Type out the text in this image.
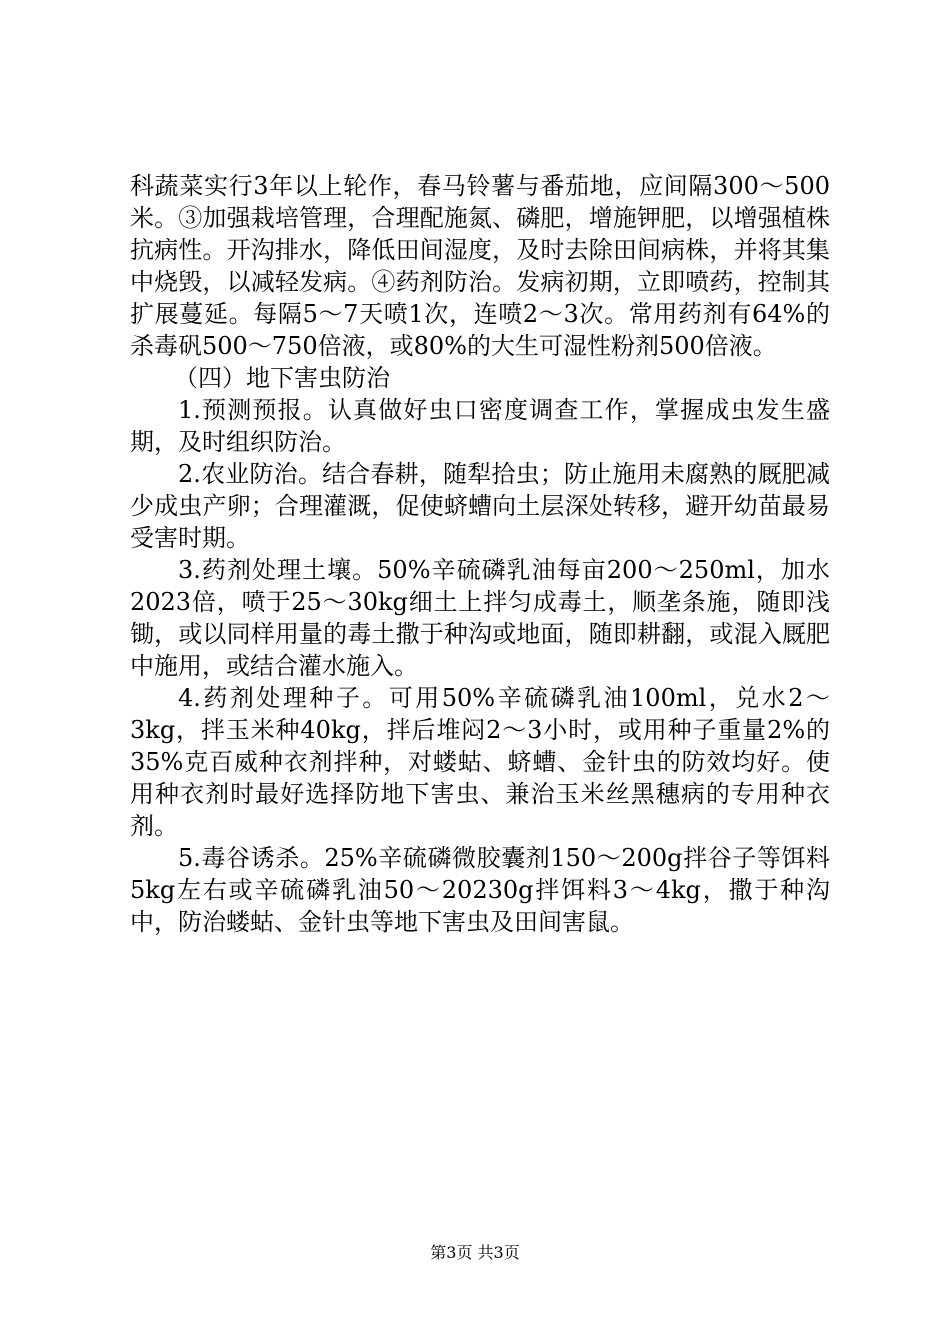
科蔬菜实行3年以上轮作，春马铃薯与番茄地，应间隔300～500米。③加强栽培管理，合理配施氮、磷肥，增施钾肥，以增强植株抗病性。开沟排水，降低田间湿度，及时去除田间病株，并将其集中烧毁，以减轻发病。④药剂防治。发病初期，立即喷药，控制其扩展蔓延。每隔5～7天喷1次，连喷2～3次。常用药剂有64%的杀毒矾500～750倍液，或80%的大生可湿性粉剂500倍液。

（四）地下害虫防治

1.预测预报。认真做好虫口密度调查工作，掌握成虫发生盛期，及时组织防治。

2.农业防治。结合春耕，随犁拾虫；防止施用未腐熟的厩肥减少成虫产卵；合理灌溉，促使蛴螬向土层深处转移，避开幼苗最易受害时期。

3.药剂处理土壤。50%辛硫磷乳油每亩200～250ml，加水2023倍，喷于25～30kg细土上拌匀成毒土，顺垄条施，随即浅锄，或以同样用量的毒土撒于种沟或地面，随即耕翻，或混入厩肥中施用，或结合灌水施入。

4.药剂处理种子。可用50%辛硫磷乳油100ml，兑水2～3kg，拌玉米种40kg，拌后堆闷2～3小时，或用种子重量2%的35%克百威种衣剂拌种，对蝼蛄、蛴螬、金针虫的防效均好。使用种衣剂时最好选择防地下害虫、兼治玉米丝黑穗病的专用种衣剂。

5.毒谷诱杀。25%辛硫磷微胶囊剂150～200g拌谷子等饵料5kg左右或辛硫磷乳油50～20230g拌饵料3～4kg，撒于种沟中，防治蝼蛄、金针虫等地下害虫及田间害鼠。

第3页 共3页
